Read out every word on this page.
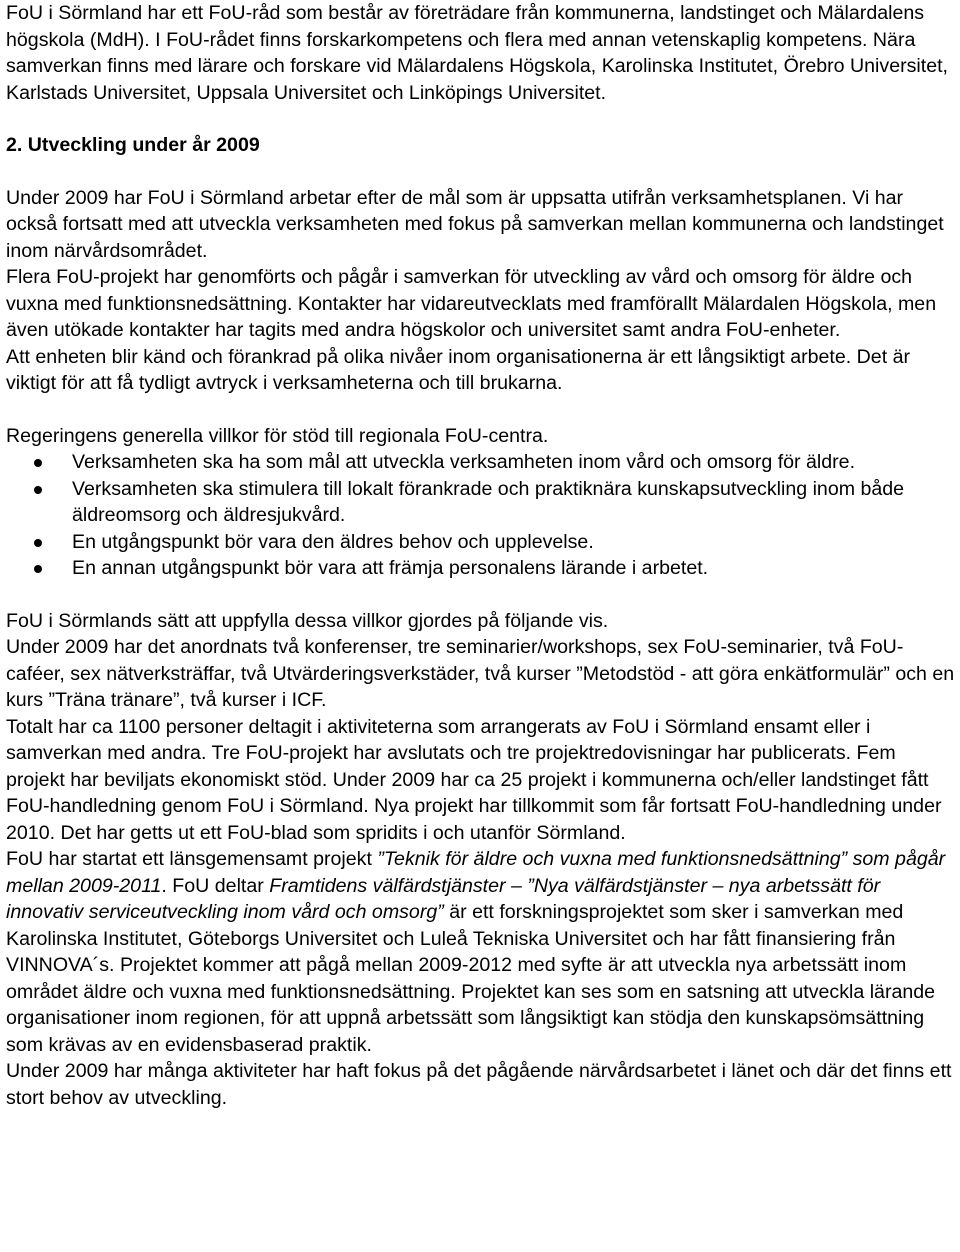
FoU i Sörmland har ett FoU-råd som består av företrädare från kommunerna, landstinget och Mälardalens högskola (MdH). I FoU-rådet finns forskarkompetens och flera med annan vetenskaplig kompetens. Nära samverkan finns med lärare och forskare vid Mälardalens Högskola, Karolinska Institutet, Örebro Universitet, Karlstads Universitet, Uppsala Universitet och Linköpings Universitet.

2. Utveckling under år 2009

Under 2009 har FoU i Sörmland arbetar efter de mål som är uppsatta utifrån verksamhetsplanen. Vi har också fortsatt med att utveckla verksamheten med fokus på samverkan mellan kommunerna och landstinget inom närvårdsområdet.

Flera FoU-projekt har genomförts och pågår i samverkan för utveckling av vård och omsorg för äldre och vuxna med funktionsnedsättning. Kontakter har vidareutvecklats med framförallt Mälardalen Högskola, men även utökade kontakter har tagits med andra högskolor och universitet samt andra FoU-enheter.

Att enheten blir känd och förankrad på olika nivåer inom organisationerna är ett långsiktigt arbete. Det är viktigt för att få tydligt avtryck i verksamheterna och till brukarna.

Regeringens generella villkor för stöd till regionala FoU-centra.

Verksamheten ska ha som mål att utveckla verksamheten inom vård och omsorg för äldre.
Verksamheten ska stimulera till lokalt förankrade och praktiknära kunskapsutveckling inom både äldreomsorg och äldresjukvård.
En utgångspunkt bör vara den äldres behov och upplevelse.
En annan utgångspunkt bör vara att främja personalens lärande i arbetet.

FoU i Sörmlands sätt att uppfylla dessa villkor gjordes på följande vis.

Under 2009 har det anordnats två konferenser, tre seminarier/workshops, sex FoU-seminarier, två FoU-caféer, sex nätverksträffar, två Utvärderingsverkstäder, två kurser ”Metodstöd - att göra enkätformulär” och en kurs ”Träna tränare”, två kurser i ICF.

Totalt har ca 1100 personer deltagit i aktiviteterna som arrangerats av FoU i Sörmland ensamt eller i samverkan med andra. Tre FoU-projekt har avslutats och tre projektredovisningar har publicerats. Fem projekt har beviljats ekonomiskt stöd. Under 2009 har ca 25 projekt i kommunerna och/eller landstinget fått FoU-handledning genom FoU i Sörmland. Nya projekt har tillkommit som får fortsatt FoU-handledning under 2010. Det har getts ut ett FoU-blad som spridits i och utanför Sörmland.

FoU har startat ett länsgemensamt projekt ”Teknik för äldre och vuxna med funktionsnedsättning” som pågår mellan 2009-2011. FoU deltar Framtidens välfärdstjänster – ”Nya välfärdstjänster – nya arbetssätt för innovativ serviceutveckling inom vård och omsorg” är ett forskningsprojektet som sker i samverkan med Karolinska Institutet, Göteborgs Universitet och Luleå Tekniska Universitet och har fått finansiering från VINNOVA´s. Projektet kommer att pågå mellan 2009-2012 med syfte är att utveckla nya arbetssätt inom området äldre och vuxna med funktionsnedsättning. Projektet kan ses som en satsning att utveckla lärande organisationer inom regionen, för att uppnå arbetssätt som långsiktigt kan stödja den kunskapsömsättning som krävas av en evidensbaserad praktik.

Under 2009 har många aktiviteter har haft fokus på det pågående närvårdsarbetet i länet och där det finns ett stort behov av utveckling.
